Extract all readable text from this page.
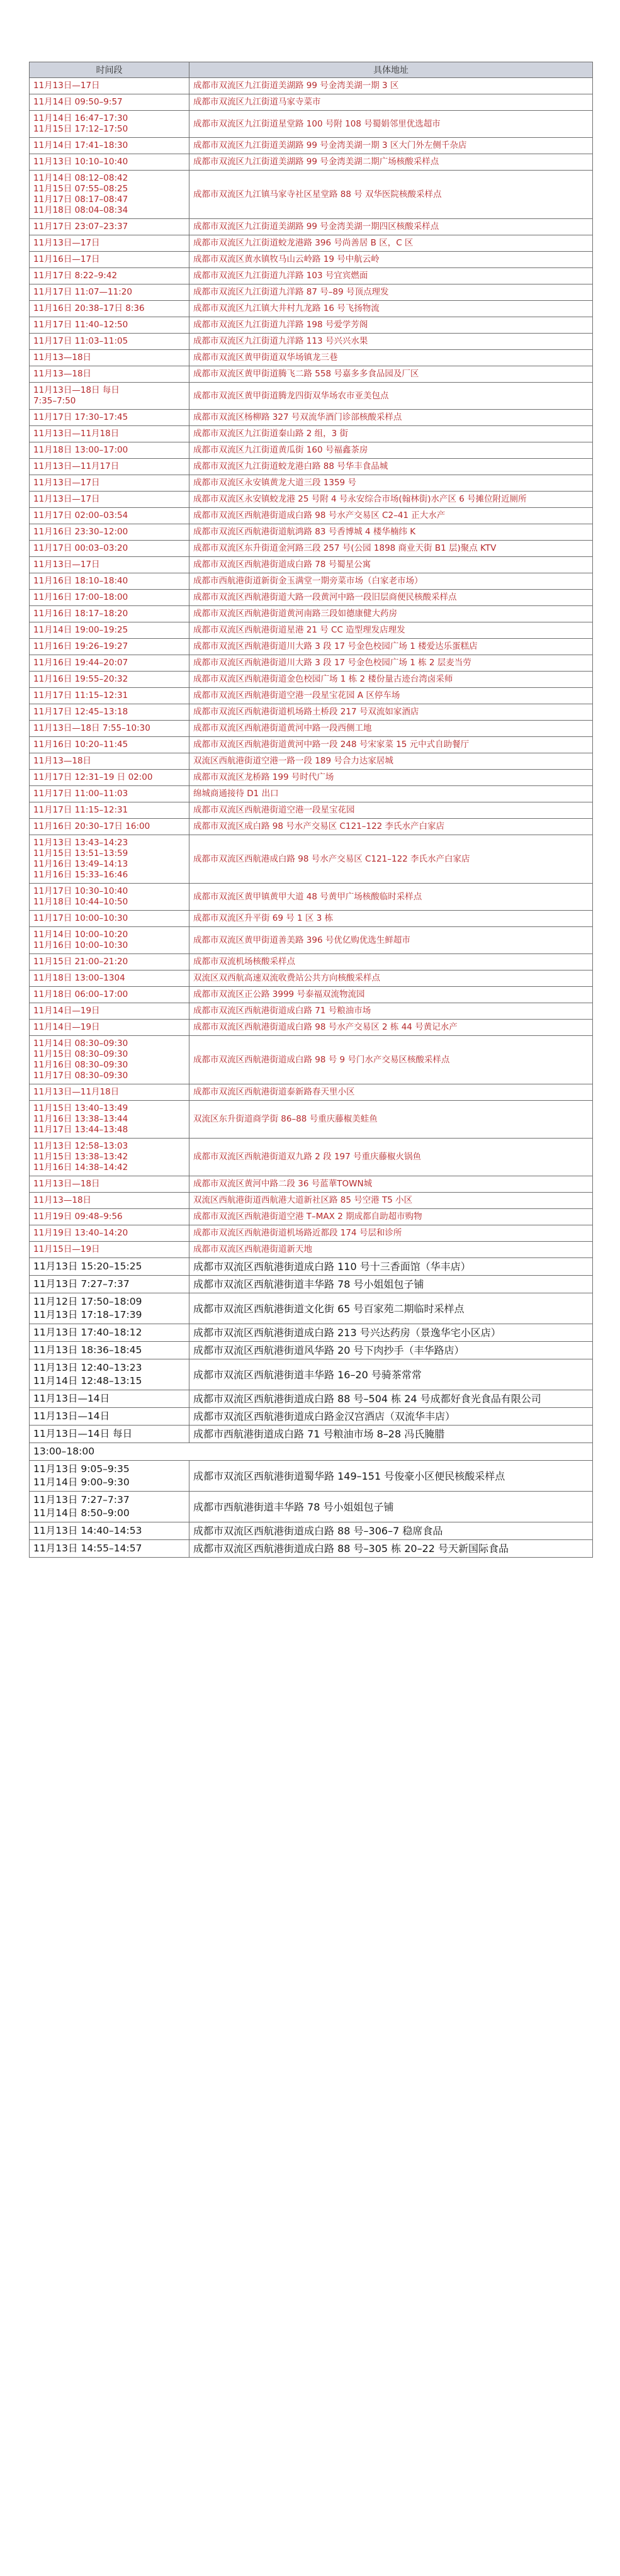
时间段	具体地址

11月13日—17日	成都市双流区九江街道美湖路 99 号金湾美湖一期 3 区

11月14日 09:50–9:57	成都市双流区九江街道马家寺菜市

11月14日 16:47–17:30
11月15日 17:12–17:50	成都市双流区九江街道星堂路 100 号附 108 号蜀娟邻里优选超市

11月14日 17:41–18:30	成都市双流区九江街道美湖路 99 号金湾美湖一期 3 区大门外左侧千杂店

11月13日 10:10–10:40	成都市双流区九江街道美湖路 99 号金湾美湖二期广场核酸采样点

11月14日 08:12–08:42
11月15日 07:55–08:25
11月17日 08:17–08:47
11月18日 08:04–08:34	成都市双流区九江镇马家寺社区星堂路 88 号 双华医院核酸采样点

11月17日 23:07–23:37	成都市双流区九江街道美湖路 99 号金湾美湖一期四区核酸采样点

11月13日—17日	成都市双流区九江街道蛟龙港路 396 号尚善居 B 区，C 区

11月16日—17日	成都市双流区黄水镇牧马山云岭路 19 号中航云岭

11月17日 8:22–9:42	成都市双流区九江街道九洋路 103 号宜宾燃面

11月17日 11:07—11:20	成都市双流区九江街道九洋路 87 号–89 号顶点理发

11月16日 20:38–17日 8:36	成都市双流区九江镇大井村九龙路 16 号飞扬物流

11月17日 11:40–12:50	成都市双流区九江街道九洋路 198 号爱学芳阁

11月17日 11:03–11:05	成都市双流区九江街道九洋路 113 号兴兴水果

11月13—18日	成都市双流区黄甲街道双华场镇龙三巷

11月13—18日	成都市双流区黄甲街道腾飞二路 558 号嘉多多食品园及厂区

11月13日—18日 每日
7:35–7:50	成都市双流区黄甲街道腾龙四街双华场农市亚美包点

11月17日 17:30–17:45	成都市双流区杨柳路 327 号双流华酒门诊部核酸采样点

11月13日—11月18日	成都市双流区九江街道秦山路 2 组，3 街

11月18日 13:00–17:00	成都市双流区九江街道黄瓜街 160 号福鑫茶房

11月13日—11月17日	成都市双流区九江街道蛟龙港白路 88 号华丰食品城

11月13日—17日	成都市双流区永安镇黄龙大道三段 1359 号

11月13日—17日	成都市双流区永安镇蛟龙港 25 号附 4 号永安综合市场(翰林街)水产区 6 号摊位附近厕所

11月17日 02:00–03:54	成都市双流区西航港街道成白路 98 号水产交易区 C2–41 正大水产

11月16日 23:30–12:00	成都市双流区西航港街道航鸿路 83 号香博城 4 楼华楠纬 K

11月17日 00:03–03:20	成都市双流区东升街道金河路三段 257 号(公园 1898 商业天街 B1 层)聚点 KTV

11月13日—17日	成都市双流区西航港街道成白路 78 号蜀星公寓

11月16日 18:10–18:40	成都市西航港街道新街金玉满堂一期旁菜市场（白家老市场）

11月16日 17:00–18:00	成都市双流区西航港街道大路一段黄河中路一段旧层商便民核酸采样点

11月16日 18:17–18:20	成都市双流区西航港街道黄河南路三段如德康健大药房

11月14日 19:00–19:25	成都市双流区西航港街道星港 21 号 CC 造型理发店理发

11月16日 19:26–19:27	成都市双流区西航港街道川大路 3 段 17 号金色校园广场 1 楼爱达乐蛋糕店

11月16日 19:44–20:07	成都市双流区西航港街道川大路 3 段 17 号金色校园广场 1 栋 2 层麦当劳

11月16日 19:55–20:32	成都市双流区西航港街道金色校园广场 1 栋 2 楼份量古迹台湾卤采师

11月17日 11:15–12:31	成都市双流区西航港街道空港一段星宝花园 A 区停车场

11月17日 12:45–13:18	成都市双流区西航港街道机场路土桥段 217 号双流如家酒店

11月13日—18日 7:55–10:30	成都市双流区西航港街道黄河中路一段西侧工地

11月16日 10:20–11:45	成都市双流区西航港街道黄河中路一段 248 号宋家菜 15 元中式自助餐厅

11月13—18日	双流区西航港街道空港一路一段 189 号合力达家居城

11月17日 12:31–19 日 02:00	成都市双流区龙桥路 199 号时代广场

11月17日 11:00–11:03	绵城商通接待 D1 出口

11月17日 11:15–12:31	成都市双流区西航港街道空港一段星宝花园

11月16日 20:30–17日 16:00	成都市双流区成白路 98 号水产交易区 C121–122 李氏水产白家店

11月13日 13:43–14:23
11月15日 13:51–13:59
11月16日 13:49–14:13
11月16日 15:33–16:46	成都市双流区西航港成白路 98 号水产交易区 C121–122 李氏水产白家店

11月17日 10:30–10:40
11月18日 10:44–10:50	成都市双流区黄甲镇黄甲大道 48 号黄甲广场核酸临时采样点

11月17日 10:00–10:30	成都市双流区升平街 69 号 1 区 3 栋

11月14日 10:00–10:20
11月16日 10:00–10:30	成都市双流区黄甲街道善美路 396 号优亿购优选生鲜超市

11月15日 21:00–21:20	成都市双流机场核酸采样点

11月18日 13:00–1304	双流区双西航高速双流收费站公共方向核酸采样点

11月18日 06:00–17:00	成都市双流区正公路 3999 号泰福双流物流园

11月14日—19日	成都市双流区西航港街道成白路 71 号粮油市场

11月14日—19日	成都市双流区西航港街道成白路 98 号水产交易区 2 栋 44 号黄记水产

11月14日 08:30–09:30
11月15日 08:30–09:30
11月16日 08:30–09:30
11月17日 08:30–09:30	成都市双流区西航港街道成白路 98 号 9 号门水产交易区核酸采样点

11月13日—11月18日	成都市双流区西航港街道泰新路春天里小区

11月15日 13:40–13:49
11月16日 13:38–13:44
11月17日 13:44–13:48	双流区东升街道商学街 86–88 号重庆藤椒美蛙鱼

11月13日 12:58–13:03
11月15日 13:38–13:42
11月16日 14:38–14:42	成都市双流区西航港街道双九路 2 段 197 号重庆藤椒火锅鱼

11月13日—18日	成都市双流区黄河中路二段 36 号蓝華TOWN城

11月13—18日	双流区西航港街道西航港大道新社区路 85 号空港 T5 小区

11月19日 09:48–9:56	成都市双流区西航港街道空港 T–MAX 2 期成都自助超市购物

11月19日 13:40–14:20	成都市双流区西航港街道机场路近都段 174 号层和诊所

11月15日—19日	成都市双流区西航港街道新天地

11月13日 15:20–15:25	成都市双流区西航港街道成白路 110 号十三香面馆（华丰店）

11月13日 7:27–7:37	成都市双流区西航港街道丰华路 78 号小姐姐包子铺

11月12日 17:50–18:09
11月13日 17:18–17:39	成都市双流区西航港街道文化街 65 号百家苑二期临时采样点

11月13日 17:40–18:12	成都市双流区西航港街道成白路 213 号兴达药房（景逸华宅小区店）

11月13日 18:36–18:45	成都市双流区西航港街道风华路 20 号下肉抄手（丰华路店）

11月13日 12:40–13:23
11月14日 12:48–13:15	成都市双流区西航港街道丰华路 16–20 号骑茶常常

11月13日—14日	成都市双流区西航港街道成白路 88 号–504 栋 24 号成都好食光食品有限公司

11月13日—14日	成都市双流区西航港街道成白路金汉宫酒店（双流华丰店）

11月13日—14日 每日	成都市西航港街道成白路 71 号粮油市场 8–28 冯氏腌腊

13:00–18:00	

11月13日 9:05–9:35
11月14日 9:00–9:30	成都市双流区西航港街道蜀华路 149–151 号俊豪小区便民核酸采样点

11月13日 7:27–7:37
11月14日 8:50–9:00	成都市西航港街道丰华路 78 号小姐姐包子铺

11月13日 14:40–14:53	成都市双流区西航港街道成白路 88 号–306–7 稳席食品

11月13日 14:55–14:57	成都市双流区西航港街道成白路 88 号–305 栋 20–22 号天新国际食品
